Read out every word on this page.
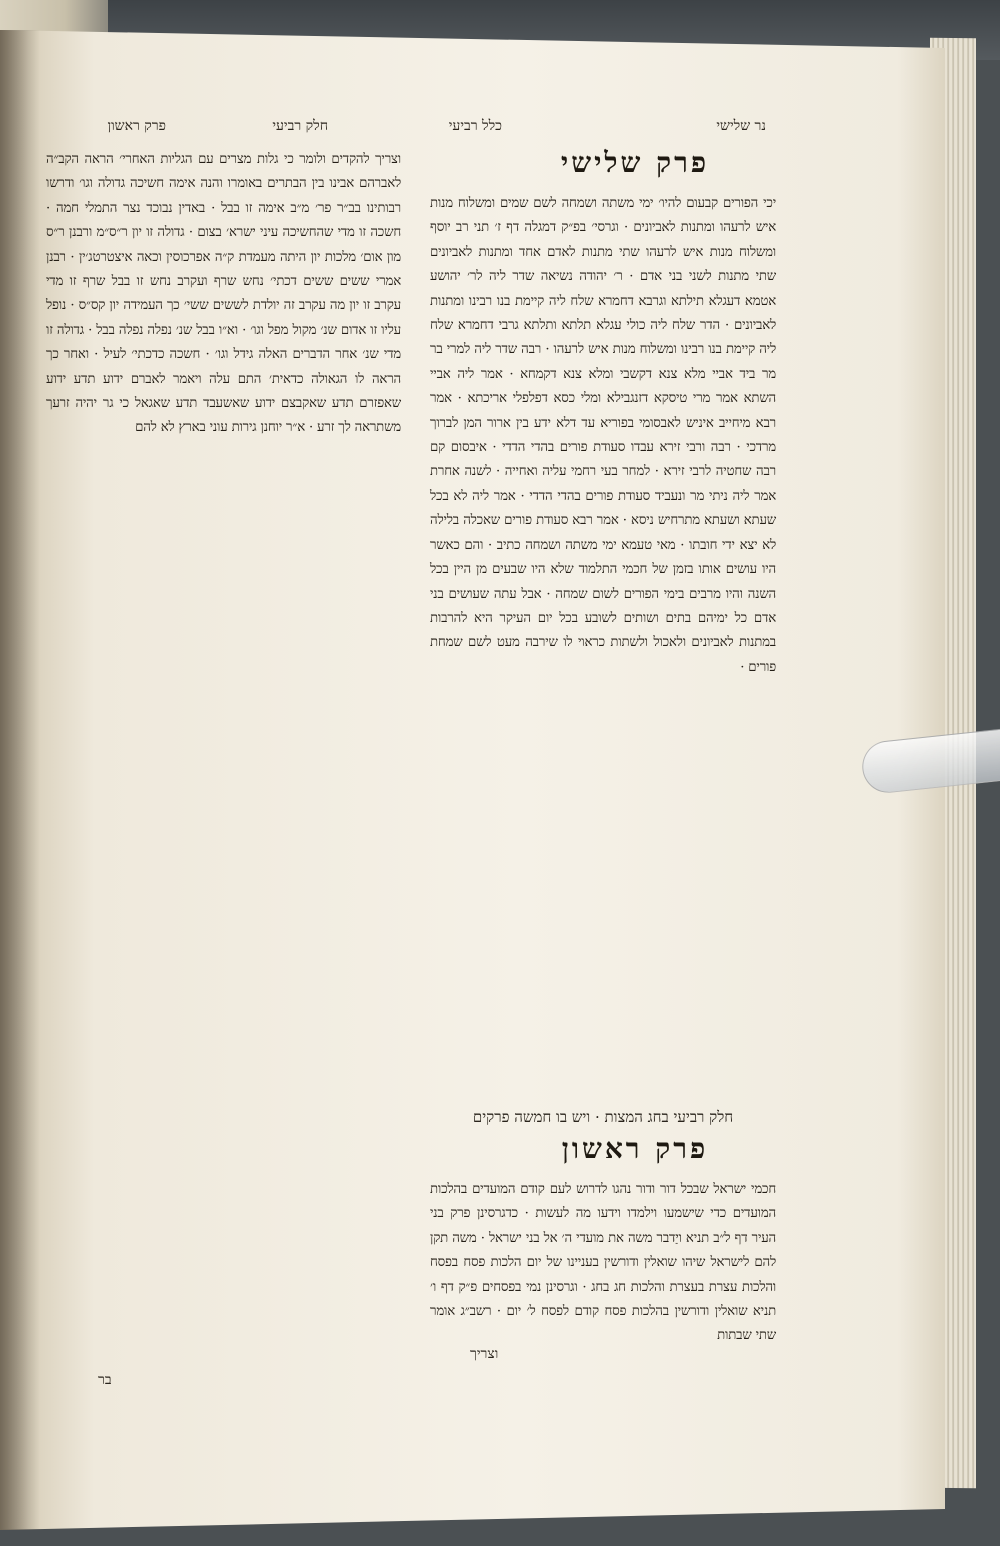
פרק ראשון	חלק רביעי	כלל רביעי	נר שלישי

וצריך להקדים ולומר כי גלות מצרים עם הגליות האחרי׳ הראה הקב״ה לאברהם אבינו בין הבתרים באומרו והנה אימה חשיכה גדולה וגו׳ ודרשו רבותינו בב״ר פר׳ מ״ב אימה זו בבל · באדין נבוכד נצר התמלי חמה · חשכה זו מדי שהחשיכה עיני ישרא׳ בצום · גדולה זו יון ר״ס״מ ורבנן ר״ס מון אום׳ מלכות יון היתה מעמדת ק״ה אפרכוסין וכאה איצטרטג׳ין · רבנן אמרי ששים ששים דכתי׳ נחש שרף ועקרב נחש זו בבל שרף זו מדי עקרב זו יון מה עקרב זה יולדת לששים ששי׳ כך העמידה יון קס״ס · נופל עליו זו אדום שנ׳ מקול מפל וגו׳ · וא״ו בבל שנ׳ נפלה נפלה בבל · גדולה זו מדי שנ׳ אחר הדברים האלה גידל וגו׳ · חשכה כדכתי׳ לעיל · ואחר כך הראה לו הגאולה כדאית׳ התם עלה ויאמר לאברם ידוע תדע ידוע שאפזרם תדע שאקבצם ידוע שאשעבד תדע שאגאל כי גר יהיה זרעך משתראה לך זרע · א״ר יוחנן גירות עוני בארץ לא להם

בר
פרק שלישי

יכי הפורים קבעום להיו׳ ימי משתה ושמחה לשם שמים ומשלוח מנות איש לרעהו ומתנות לאביונים · וגרסי׳ בפ״ק דמגלה דף ז׳ תני רב יוסף ומשלוח מנות איש לרעהו שתי מתנות לאדם אחד ומתנות לאביונים שתי מתנות לשני בני אדם · ר׳ יהודה נשיאה שדר ליה לר׳ יהושע אטמא דעגלא תילתא וגרבא דחמרא שלח ליה קיימת בנו רבינו ומתנות לאביונים · הדר שלח ליה כולי עגלא תלתא ותלתא גרבי דחמרא שלח ליה קיימת בנו רבינו ומשלוח מנות איש לרעהו · רבה שדר ליה למרי בר מר ביד אביי מלא צנא דקשבי ומלא צנא דקמחא · אמר ליה אביי השתא אמר מרי טיסקא דזנגבילא ומלי כסא דפלפלי אריכתא · אמר רבא מיחייב איניש לאבסומי בפוריא עד דלא ידע בין ארור המן לברוך מרדכי · רבה ורבי זירא עבדו סעודת פורים בהדי הדדי · איבסום קם רבה שחטיה לרבי זירא · למחר בעי רחמי עליה ואחייה · לשנה אחרת אמר ליה ניתי מר ונעביד סעודת פורים בהדי הדדי · אמר ליה לא בכל שעתא ושעתא מתרחיש ניסא · אמר רבא סעודת פורים שאכלה בלילה לא יצא ידי חובתו · מאי טעמא ימי משתה ושמחה כתיב · והם כאשר היו עושים אותו בזמן של חכמי התלמוד שלא היו שבעים מן היין בכל השנה והיו מרבים בימי הפורים לשום שמחה · אבל עתה שעושים בני אדם כל ימיהם בתים ושותים לשובע בכל יום העיקר היא להרבות במתנות לאביונים ולאכול ולשתות כראוי לו שירבה מעט לשם שמחת פורים ·

חלק רביעי בחג המצות · ויש בו חמשה פרקים
פרק ראשון

חכמי ישראל שבכל דור ודור נהגו לדרוש לעם קודם המועדים בהלכות המועדים כדי שישמעו וילמדו וידעו מה לעשות · כדגרסינן פרק בני העיר דף ל״ב תניא ויַדבר משה את מועדי ה׳ אל בני ישראל · משה תקן להם לישראל שיהו שואלין ודורשין בעניינו של יום הלכות פסח בפסח והלכות עצרת בעצרת והלכות חג בחג · וגרסינן נמי בפסחים פ״ק דף ו׳ תניא שואלין ודורשין בהלכות פסח קודם לפסח ל׳ יום · רשב״ג אומר שתי שבתות

וצריך
